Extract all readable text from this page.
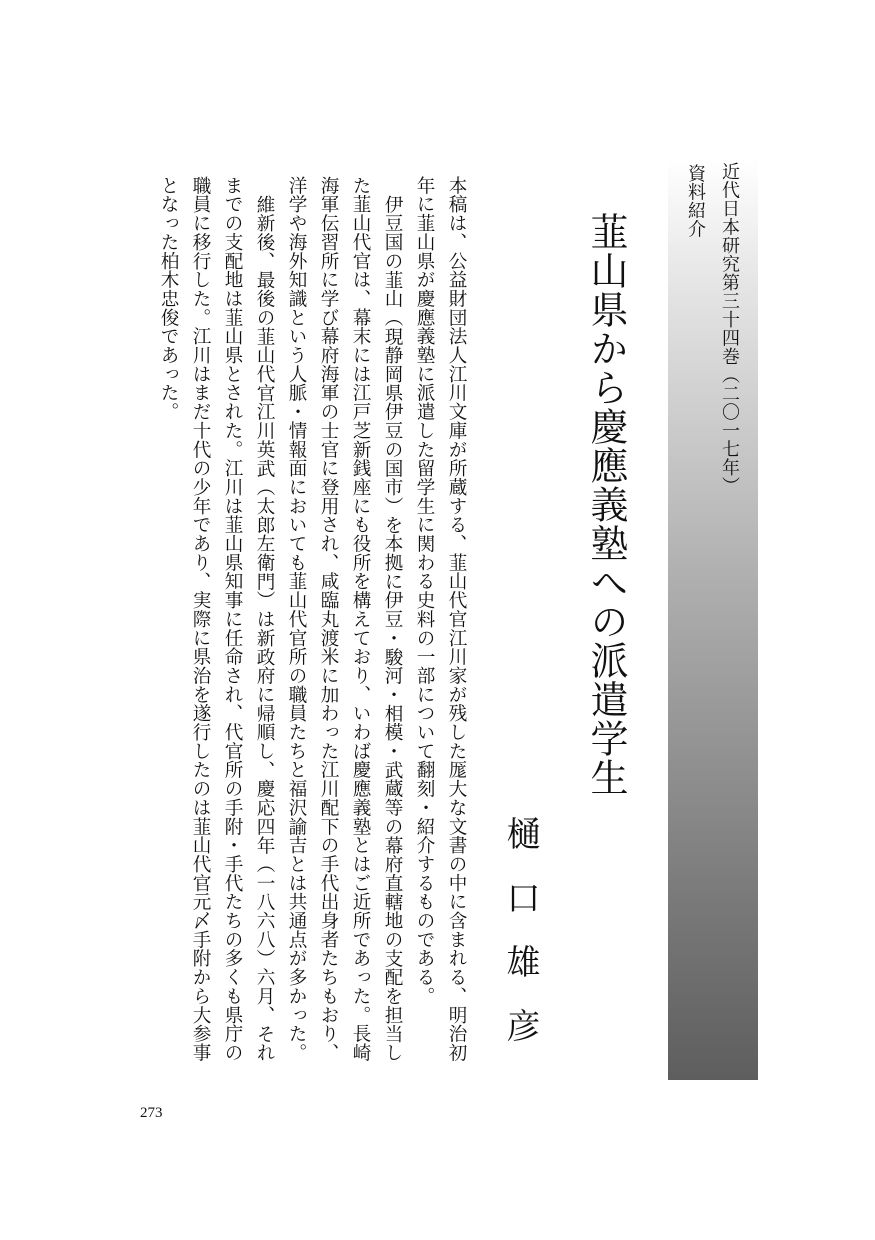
近代日本研究第三十四巻（二〇一七年）
資料紹介
韮山県から慶應義塾への派遣学生
樋口雄彦

本稿は、公益財団法人江川文庫が所蔵する、韮山代官江川家が残した厖大な文書の中に含まれる、明治初年に韮山県が慶應義塾に派遣した留学生に関わる史料の一部について翻刻・紹介するものである。

伊豆国の韮山（現静岡県伊豆の国市）を本拠に伊豆・駿河・相模・武蔵等の幕府直轄地の支配を担当した韮山代官は、幕末には江戸芝新銭座にも役所を構えており、いわば慶應義塾とはご近所であった。長崎海軍伝習所に学び幕府海軍の士官に登用され、咸臨丸渡米に加わった江川配下の手代出身者たちもおり、洋学や海外知識という人脈・情報面においても韮山代官所の職員たちと福沢諭吉とは共通点が多かった。

維新後、最後の韮山代官江川英武（太郎左衛門）は新政府に帰順し、慶応四年（一八六八）六月、それまでの支配地は韮山県とされた。江川は韮山県知事に任命され、代官所の手附・手代たちの多くも県庁の職員に移行した。江川はまだ十代の少年であり、実際に県治を遂行したのは韮山代官元〆手附から大参事となった柏木忠俊であった。

273
